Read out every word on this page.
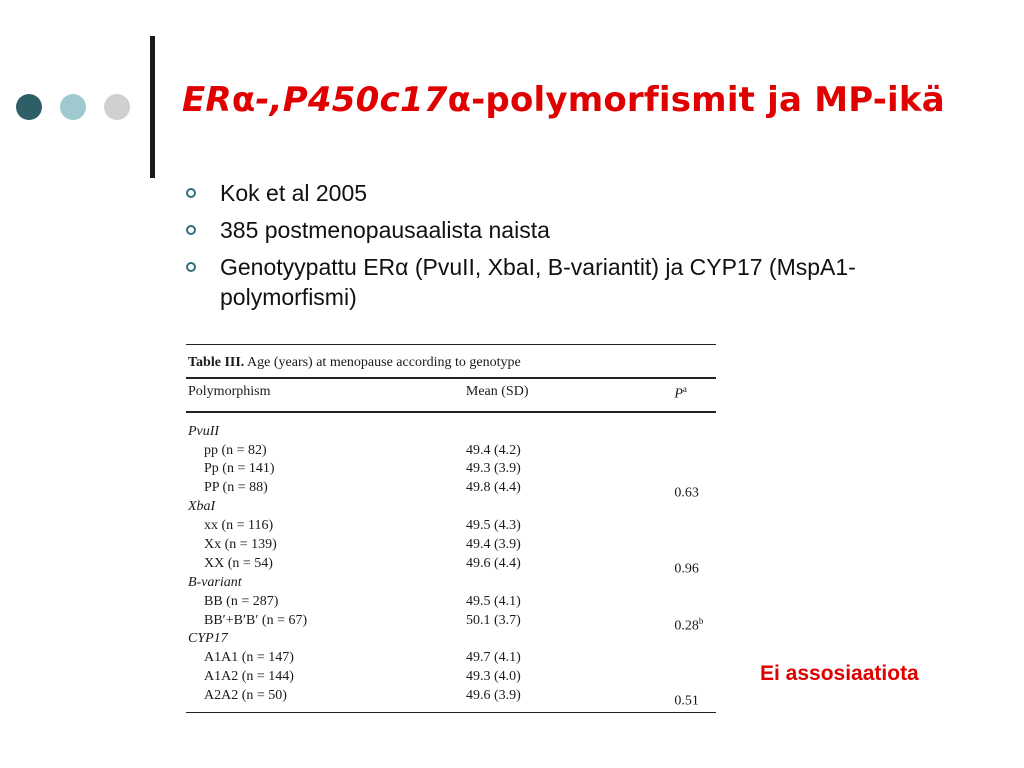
ERα-,P450c17α-polymorfismit ja MP-ikä
Kok et al 2005
385 postmenopausaalista naista
Genotyypattu ERα (PvuII, XbaI, B-variantit) ja CYP17 (MspA1-polymorfismi)
Table III. Age (years) at menopause according to genotype
Polymorphism	Mean (SD)	$P^a$
PvuII
pp (n = 82)	49.4 (4.2)
Pp (n = 141)	49.3 (3.9)
PP (n = 88)	49.8 (4.4)	0.63
XbaI
xx (n = 116)	49.5 (4.3)
Xx (n = 139)	49.4 (3.9)
XX (n = 54)	49.6 (4.4)	0.96
B-variant
BB (n = 287)	49.5 (4.1)
BB′+B′B′ (n = 67)	50.1 (3.7)	0.28$^b$
CYP17
A1A1 (n = 147)	49.7 (4.1)
A1A2 (n = 144)	49.3 (4.0)
A2A2 (n = 50)	49.6 (3.9)	0.51
Ei assosiaatiota
